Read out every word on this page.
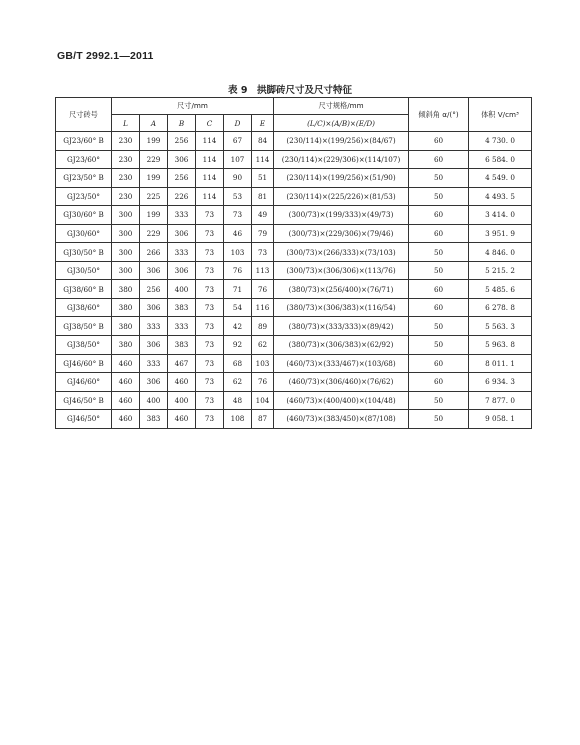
GB/T 2992.1—2011
表 9　拱脚砖尺寸及尺寸特征
尺寸砖号	尺寸/mm						尺寸规格/mm	倾斜角 α/(°)	体积 V/cm³
	L	A	B	C	D	E	(L/C)×(A/B)×(E/D)		
GJ23/60° B	230	199	256	114	67	84	(230/114)×(199/256)×(84/67)	60	4 730. 0
GJ23/60°	230	229	306	114	107	114	(230/114)×(229/306)×(114/107)	60	6 584. 0
GJ23/50° B	230	199	256	114	90	51	(230/114)×(199/256)×(51/90)	50	4 549. 0
GJ23/50°	230	225	226	114	53	81	(230/114)×(225/226)×(81/53)	50	4 493. 5
GJ30/60° B	300	199	333	73	73	49	(300/73)×(199/333)×(49/73)	60	3 414. 0
GJ30/60°	300	229	306	73	46	79	(300/73)×(229/306)×(79/46)	60	3 951. 9
GJ30/50° B	300	266	333	73	103	73	(300/73)×(266/333)×(73/103)	50	4 846. 0
GJ30/50°	300	306	306	73	76	113	(300/73)×(306/306)×(113/76)	50	5 215. 2
GJ38/60° B	380	256	400	73	71	76	(380/73)×(256/400)×(76/71)	60	5 485. 6
GJ38/60°	380	306	383	73	54	116	(380/73)×(306/383)×(116/54)	60	6 278. 8
GJ38/50° B	380	333	333	73	42	89	(380/73)×(333/333)×(89/42)	50	5 563. 3
GJ38/50°	380	306	383	73	92	62	(380/73)×(306/383)×(62/92)	50	5 963. 8
GJ46/60° B	460	333	467	73	68	103	(460/73)×(333/467)×(103/68)	60	8 011. 1
GJ46/60°	460	306	460	73	62	76	(460/73)×(306/460)×(76/62)	60	6 934. 3
GJ46/50° B	460	400	400	73	48	104	(460/73)×(400/400)×(104/48)	50	7 877. 0
GJ46/50°	460	383	460	73	108	87	(460/73)×(383/450)×(87/108)	50	9 058. 1
